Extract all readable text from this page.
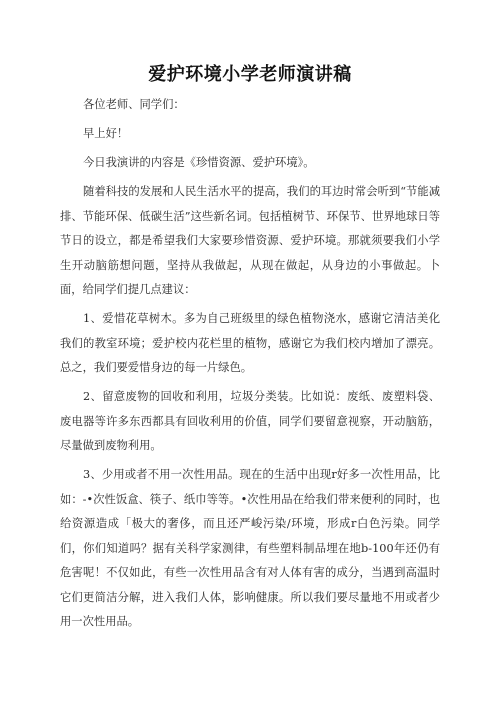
爱护环境小学老师演讲稿

各位老师、同学们：

早上好！

今日我演讲的内容是《珍惜资源、爱护环境》。

随着科技的发展和人民生活水平的提高，我们的耳边时常会听到“节能减排、节能环保、低碳生活”这些新名词。包括植树节、环保节、世界地球日等节日的设立，都是希望我们大家要珍惜资源、爱护环境。那就须要我们小学生开动脑筋想问题，坚持从我做起，从现在做起，从身边的小事做起。卜面，给同学们提几点建议：

1、爱惜花草树木。多为自己班级里的绿色植物浇水，感谢它清洁美化我们的教室环境；爱护校内花栏里的植物，感谢它为我们校内增加了漂亮。总之，我们要爱惜身边的每一片绿色。

2、留意废物的回收和利用，垃圾分类装。比如说：废纸、废塑料袋、废电器等许多东西都具有回收利用的价值，同学们要留意视察，开动脑筋，尽量做到废物利用。

3、少用或者不用一次性用品。现在的生活中出现r好多一次性用品，比如：-•次性饭盒、筷子、纸巾等等。•次性用品在给我们带来便利的同时，也给资源造成「极大的奢侈，而且还严峻污染/环境，形成r白色污染。同学们，你们知道吗？据有关科学家测律，有些塑料制品埋在地b-100年还仍有危害呢！不仅如此，有些一次性用品含有对人体有害的成分，当遇到高温时它们更简洁分解，进入我们人体，影响健康。所以我们要尽量地不用或者少用一次性用品。
